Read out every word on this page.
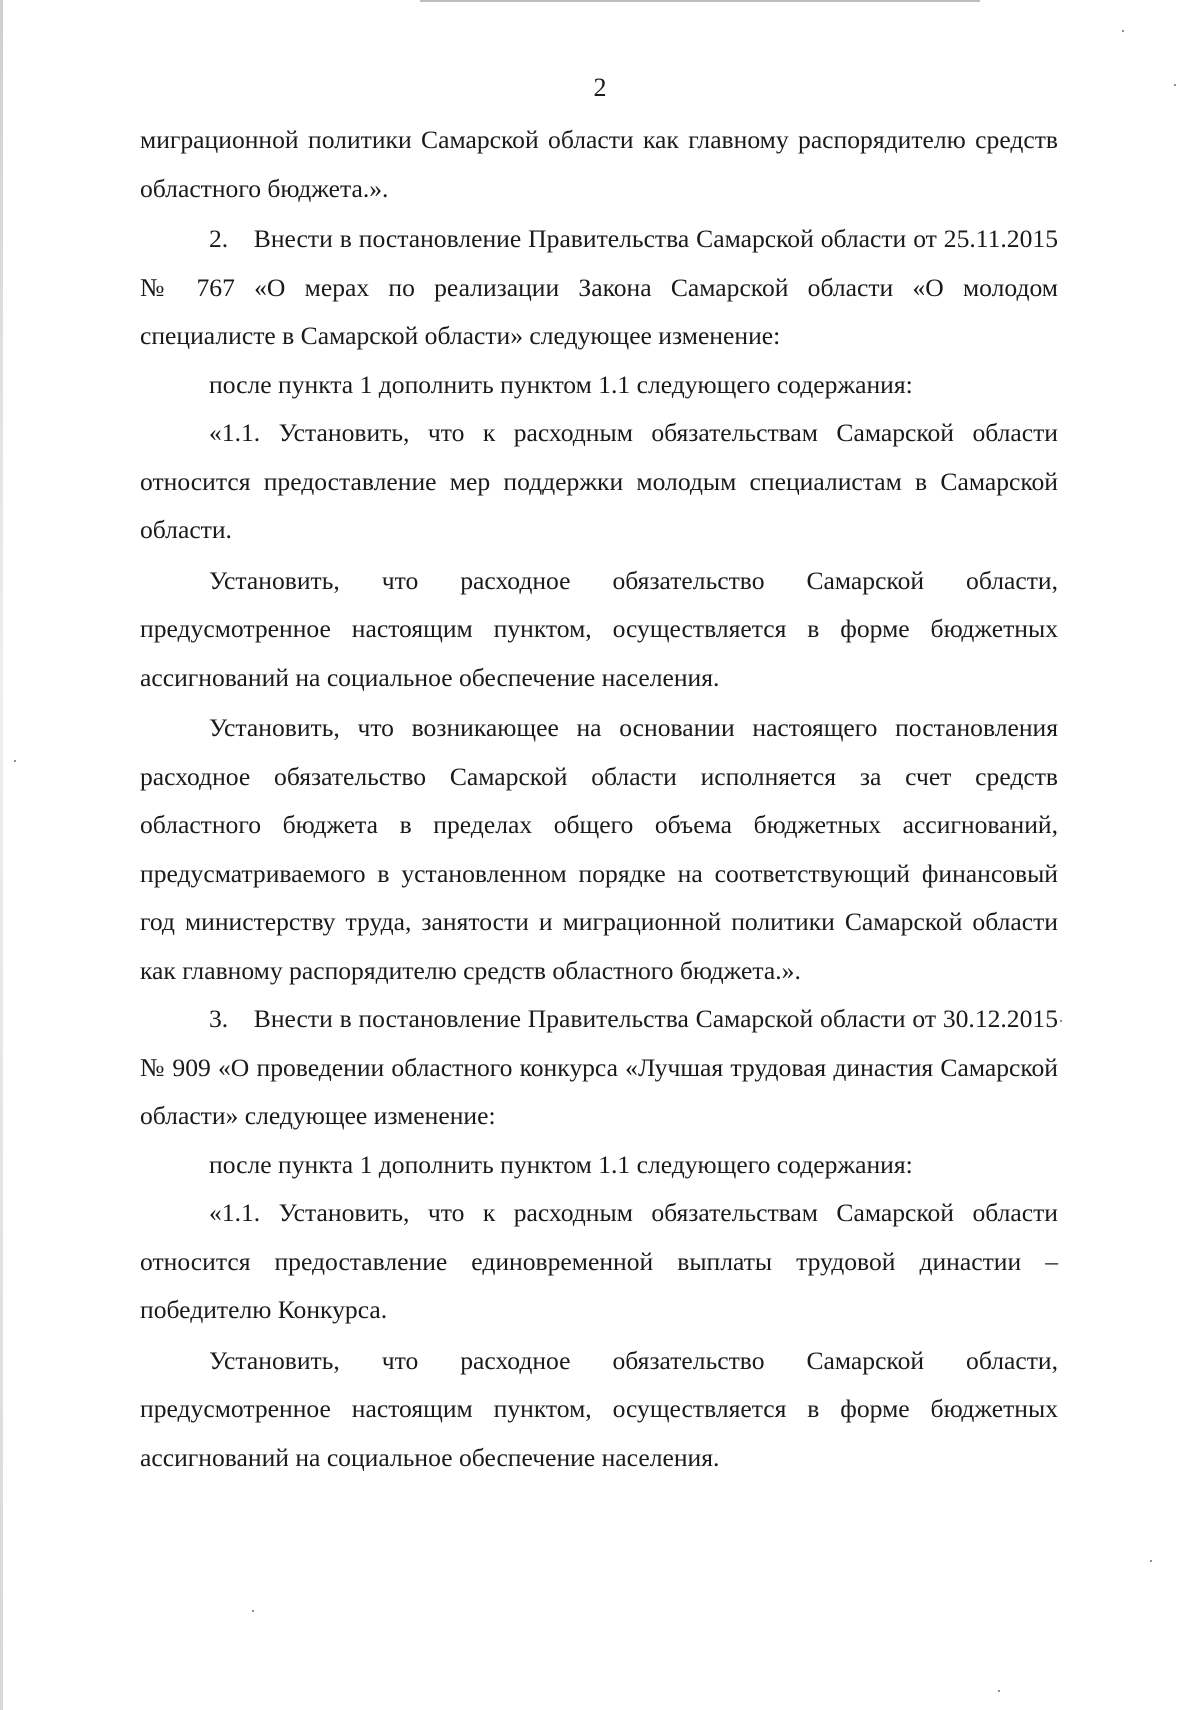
2

миграционной политики Самарской области как главному распорядителю средств областного бюджета.».

2. Внести в постановление Правительства Самарской области от 25.11.2015 № 767 «О мерах по реализации Закона Самарской области «О молодом специалисте в Самарской области» следующее изменение:

после пункта 1 дополнить пунктом 1.1 следующего содержания:

«1.1. Установить, что к расходным обязательствам Самарской области относится предоставление мер поддержки молодым специалистам в Самарской области.

Установить, что расходное обязательство Самарской области, предусмотренное настоящим пунктом, осуществляется в форме бюджетных ассигнований на социальное обеспечение населения.

Установить, что возникающее на основании настоящего постановления расходное обязательство Самарской области исполняется за счет средств областного бюджета в пределах общего объема бюджетных ассигнований, предусматриваемого в установленном порядке на соответствующий финансовый год министерству труда, занятости и миграционной политики Самарской области как главному распорядителю средств областного бюджета.».

3. Внести в постановление Правительства Самарской области от 30.12.2015 № 909 «О проведении областного конкурса «Лучшая трудовая династия Самарской области» следующее изменение:

после пункта 1 дополнить пунктом 1.1 следующего содержания:

«1.1. Установить, что к расходным обязательствам Самарской области относится предоставление единовременной выплаты трудовой династии – победителю Конкурса.

Установить, что расходное обязательство Самарской области, предусмотренное настоящим пунктом, осуществляется в форме бюджетных ассигнований на социальное обеспечение населения.
